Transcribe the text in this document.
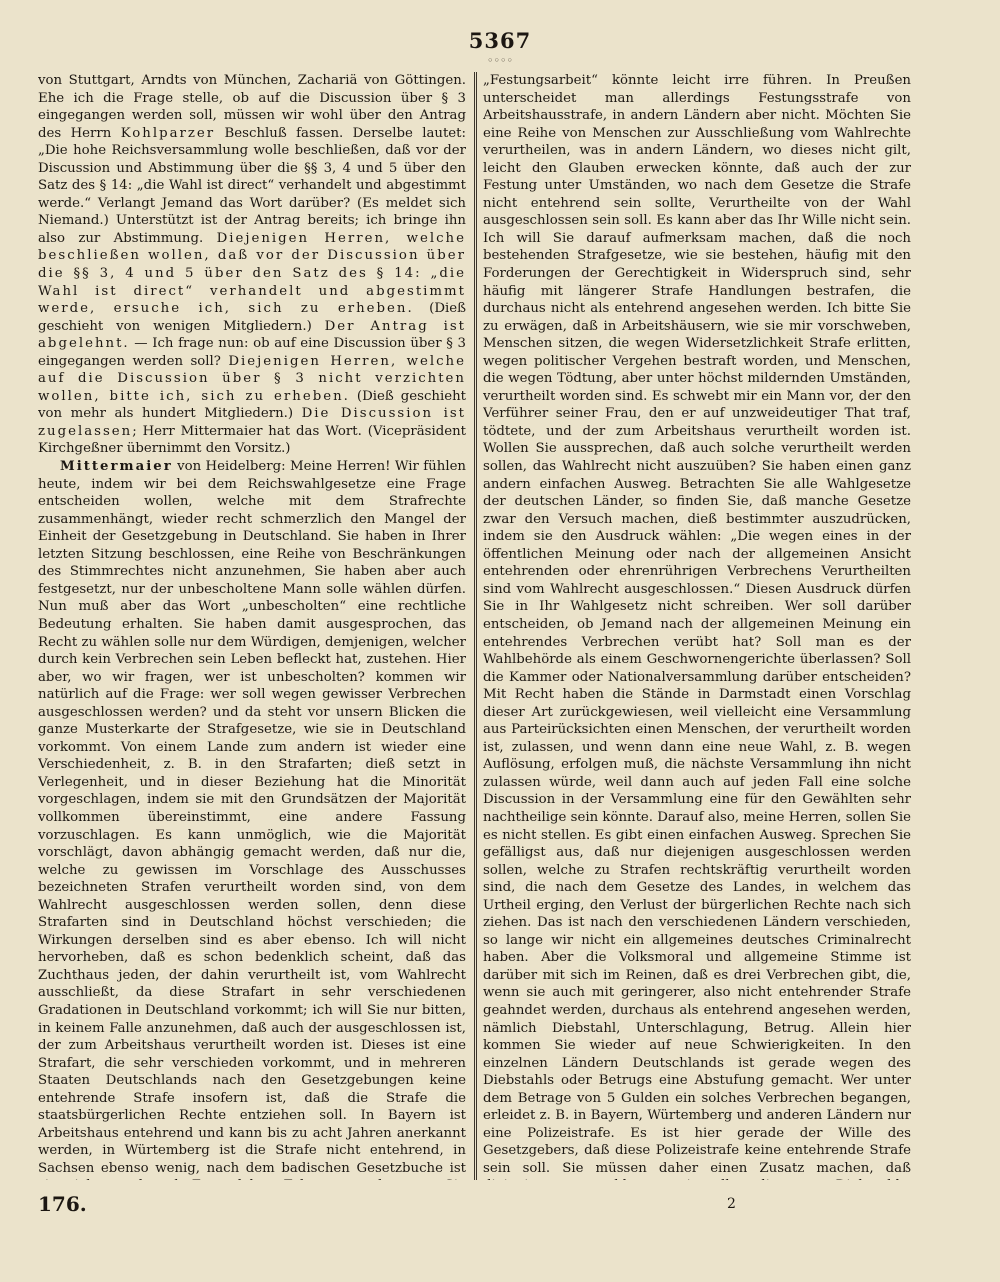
5367
◦◦◦◦

von Stuttgart, Arndts von München, Zachariä von Göttingen. Ehe ich die Frage stelle, ob auf die Discussion über § 3 eingegangen werden soll, müssen wir wohl über den Antrag des Herrn Kohlparzer Beschluß fassen. Derselbe lautet: „Die hohe Reichsversammlung wolle beschließen, daß vor der Discussion und Abstimmung über die §§ 3, 4 und 5 über den Satz des § 14: „die Wahl ist direct“ verhandelt und abgestimmt werde.“ Verlangt Jemand das Wort darüber? (Es meldet sich Niemand.) Unterstützt ist der Antrag bereits; ich bringe ihn also zur Abstimmung. Diejenigen Herren, welche beschließen wollen, daß vor der Discussion über die §§ 3, 4 und 5 über den Satz des § 14: „die Wahl ist direct“ verhandelt und abgestimmt werde, ersuche ich, sich zu erheben. (Dieß geschieht von wenigen Mitgliedern.) Der Antrag ist abgelehnt. — Ich frage nun: ob auf eine Discussion über § 3 eingegangen werden soll? Diejenigen Herren, welche auf die Discussion über § 3 nicht verzichten wollen, bitte ich, sich zu erheben. (Dieß geschieht von mehr als hundert Mitgliedern.) Die Discussion ist zugelassen; Herr Mittermaier hat das Wort. (Vicepräsident Kirchgeßner übernimmt den Vorsitz.)

Mittermaier von Heidelberg: Meine Herren! Wir fühlen heute, indem wir bei dem Reichswahlgesetze eine Frage entscheiden wollen, welche mit dem Strafrechte zusammenhängt, wieder recht schmerzlich den Mangel der Einheit der Gesetzgebung in Deutschland. Sie haben in Ihrer letzten Sitzung beschlossen, eine Reihe von Beschränkungen des Stimmrechtes nicht anzunehmen, Sie haben aber auch festgesetzt, nur der unbescholtene Mann solle wählen dürfen. Nun muß aber das Wort „unbescholten“ eine rechtliche Bedeutung erhalten. Sie haben damit ausgesprochen, das Recht zu wählen solle nur dem Würdigen, demjenigen, welcher durch kein Verbrechen sein Leben befleckt hat, zustehen. Hier aber, wo wir fragen, wer ist unbescholten? kommen wir natürlich auf die Frage: wer soll wegen gewisser Verbrechen ausgeschlossen werden? und da steht vor unsern Blicken die ganze Musterkarte der Strafgesetze, wie sie in Deutschland vorkommt. Von einem Lande zum andern ist wieder eine Verschiedenheit, z. B. in den Strafarten; dieß setzt in Verlegenheit, und in dieser Beziehung hat die Minorität vorgeschlagen, indem sie mit den Grundsätzen der Majorität vollkommen übereinstimmt, eine andere Fassung vorzuschlagen. Es kann unmöglich, wie die Majorität vorschlägt, davon abhängig gemacht werden, daß nur die, welche zu gewissen im Vorschlage des Ausschusses bezeichneten Strafen verurtheilt worden sind, von dem Wahlrecht ausgeschlossen werden sollen, denn diese Strafarten sind in Deutschland höchst verschieden; die Wirkungen derselben sind es aber ebenso. Ich will nicht hervorheben, daß es schon bedenklich scheint, daß das Zuchthaus jeden, der dahin verurtheilt ist, vom Wahlrecht ausschließt, da diese Strafart in sehr verschiedenen Gradationen in Deutschland vorkommt; ich will Sie nur bitten, in keinem Falle anzunehmen, daß auch der ausgeschlossen ist, der zum Arbeitshaus verurtheilt worden ist. Dieses ist eine Strafart, die sehr verschieden vorkommt, und in mehreren Staaten Deutschlands nach den Gesetzgebungen keine entehrende Strafe insofern ist, daß die Strafe die staatsbürgerlichen Rechte entziehen soll. In Bayern ist Arbeitshaus entehrend und kann bis zu acht Jahren anerkannt werden, in Würtemberg ist die Strafe nicht entehrend, in Sachsen ebenso wenig, nach dem badischen Gesetzbuche ist

„Festungsarbeit“ könnte leicht irre führen. In Preußen unterscheidet man allerdings Festungsstrafe von Arbeitshausstrafe, in andern Ländern aber nicht. Möchten Sie eine Reihe von Menschen zur Ausschließung vom Wahlrechte verurtheilen, was in andern Ländern, wo dieses nicht gilt, leicht den Glauben erwecken könnte, daß auch der zur Festung unter Umständen, wo nach dem Gesetze die Strafe nicht entehrend sein sollte, Verurtheilte von der Wahl ausgeschlossen sein soll. Es kann aber das Ihr Wille nicht sein. Ich will Sie darauf aufmerksam machen, daß die noch bestehenden Strafgesetze, wie sie bestehen, häufig mit den Forderungen der Gerechtigkeit in Widerspruch sind, sehr häufig mit längerer Strafe Handlungen bestrafen, die durchaus nicht als entehrend angesehen werden. Ich bitte Sie zu erwägen, daß in Arbeitshäusern, wie sie mir vorschweben, Menschen sitzen, die wegen Widersetzlichkeit Strafe erlitten, wegen politischer Vergehen bestraft worden, und Menschen, die wegen Tödtung, aber unter höchst mildernden Umständen, verurtheilt worden sind. Es schwebt mir ein Mann vor, der den Verführer seiner Frau, den er auf unzweideutiger That traf, tödtete, und der zum Arbeitshaus verurtheilt worden ist. Wollen Sie aussprechen, daß auch solche verurtheilt werden sollen, das Wahlrecht nicht auszuüben? Sie haben einen ganz andern einfachen Ausweg. Betrachten Sie alle Wahlgesetze der deutschen Länder, so finden Sie, daß manche Gesetze zwar den Versuch machen, dieß bestimmter auszudrücken, indem sie den Ausdruck wählen: „Die wegen eines in der öffentlichen Meinung oder nach der allgemeinen Ansicht entehrenden oder ehrenrührigen Verbrechens Verurtheilten sind vom Wahlrecht ausgeschlossen.“ Diesen Ausdruck dürfen Sie in Ihr Wahlgesetz nicht schreiben. Wer soll darüber entscheiden, ob Jemand nach der allgemeinen Meinung ein entehrendes Verbrechen verübt hat? Soll man es der Wahlbehörde als einem Geschwornengerichte überlassen? Soll die Kammer oder Nationalversammlung darüber entscheiden? Mit Recht haben die Stände in Darmstadt einen Vorschlag dieser Art zurückgewiesen, weil vielleicht eine Versammlung aus Parteirücksichten einen Menschen, der verurtheilt worden ist, zulassen, und wenn dann eine neue Wahl, z. B. wegen Auflösung, erfolgen muß, die nächste Versammlung ihn nicht zulassen würde, weil dann auch auf jeden Fall eine solche Discussion in der Versammlung eine für den Gewählten sehr nachtheilige sein könnte. Darauf also, meine Herren, sollen Sie es nicht stellen. Es gibt einen einfachen Ausweg. Sprechen Sie gefälligst aus, daß nur diejenigen ausgeschlossen werden sollen, welche zu Strafen rechtskräftig verurtheilt worden sind, die nach dem Gesetze des Landes, in welchem das Urtheil erging, den Verlust der bürgerlichen Rechte nach sich ziehen. Das ist nach den verschiedenen Ländern verschieden, so lange wir nicht ein allgemeines deutsches Criminalrecht haben. Aber die Volksmoral und allgemeine Stimme ist darüber mit sich im Reinen, daß es drei Verbrechen gibt, die, wenn sie auch mit geringerer, also nicht entehrender Strafe geahndet werden, durchaus als entehrend angesehen werden, nämlich Diebstahl, Unterschlagung, Betrug. Allein hier kommen Sie wieder auf neue Schwierigkeiten. In den einzelnen Ländern Deutschlands ist gerade wegen des Diebstahls oder Betrugs eine Abstufung gemacht. Wer unter dem Betrage von 5 Gulden ein solches Verbrechen begangen, erleidet z. B. in Bayern, Würtemberg und anderen Ländern nur eine Polizeistrafe. Es ist hier gerade der Wille des Gesetzgebers, daß diese Polizeistrafe keine entehrende Strafe sein soll. Sie müssen daher einen Zusatz machen, daß

176.	2
